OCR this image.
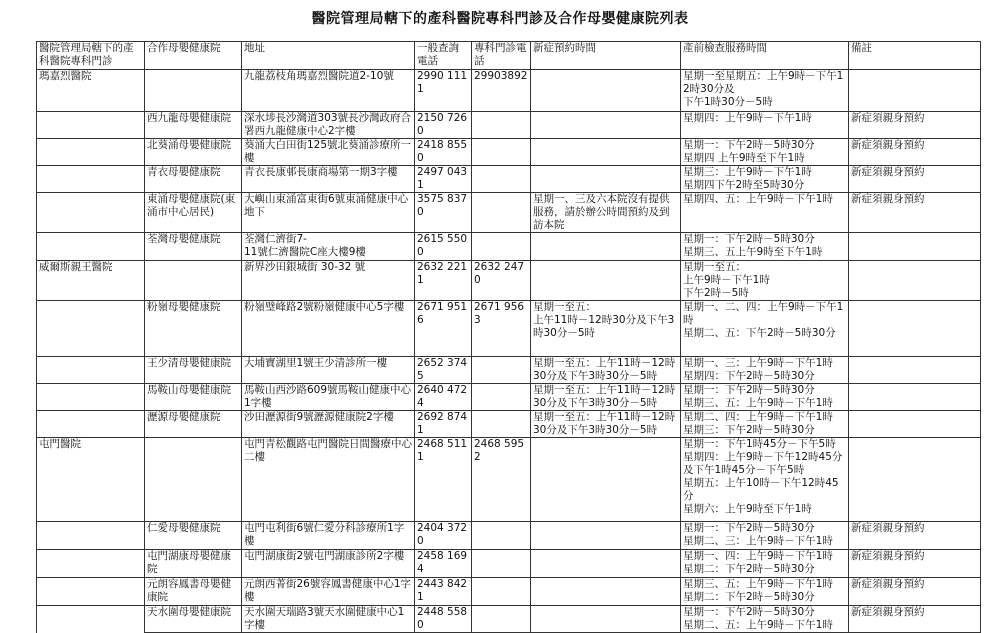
醫院管理局轄下的產科醫院專科門診及合作母嬰健康院列表
醫院管理局轄下的產科醫院專科門診	合作母嬰健康院	地址	一般查詢電話	專科門診電話	新症預約時間	產前檢查服務時間	備註
瑪嘉烈醫院		九龍荔枝角瑪嘉烈醫院道2-10號	2990 1111	29903892		星期一至星期五：上午9時－下午12時30分及
下午1時30分－5時	
	西九龍母嬰健康院	深水埗長沙灣道303號長沙灣政府合署西九龍健康中心2字樓	2150 7260			星期四：上午9時－下午1時	新症須親身預約
	北葵涌母嬰健康院	葵涌大白田街125號北葵涌診療所一樓	2418 8550			星期一：下午2時－5時30分
星期四 上午9時至下午1時	新症須親身預約
	青衣母嬰健康院	青衣長康邨長康商場第一期3字樓	2497 0431			星期三：上午9時－下午1時
星期四下午2時至5時30分	新症須親身預約
	東涌母嬰健康院(東涌市中心居民)	大嶼山東涌富東街6號東涌健康中心地下	3575 8370		星期一、三及六本院沒有提供服務，請於辦公時間預約及到訪本院	星期四、五：上午9時－下午1時	新症須親身預約
	荃灣母嬰健康院	荃灣仁濟街7-
11號仁濟醫院C座大樓9樓	2615 5500			星期一：下午2時－5時30分
星期三、五上午9時至下午1時	
威爾斯親王醫院		新界沙田銀城街 30-32 號	2632 2211	2632 2470		星期一至五：
上午9時－下午1時
下午2時－5時	
	粉嶺母嬰健康院	粉嶺璧峰路2號粉嶺健康中心5字樓	2671 9516	2671 9563	星期一至五：
上午11時－12時30分及下午3時30分－5時	星期一、二、四：上午9時－下午1時
星期二、五：下午2時－5時30分	
	王少清母嬰健康院	大埔寶湖里1號王少清診所一樓	2652 3745		星期一至五：上午11時－12時30分及下午3時30分－5時	星期一、三：上午9時－下午1時
星期四：下午2時－5時30分	
	馬鞍山母嬰健康院	馬鞍山西沙路609號馬鞍山健康中心1字樓	2640 4724		星期一至五：上午11時－12時30分及下午3時30分－5時	星期一：下午2時－5時30分
星期三、五：上午9時－下午1時	
	瀝源母嬰健康院	沙田瀝源街9號瀝源健康院2字樓	2692 8741		星期一至五：上午11時－12時30分及下午3時30分－5時	星期二、四：上午9時－下午1時
星期三：下午2時－5時30分	
屯門醫院		屯門青松觀路屯門醫院日間醫療中心二樓	2468 5111	2468 5952		星期一：下午1時45分－下午5時
星期四：上午9時－下午12時45分及下午1時45分－下午5時
星期五：上午10時－下午12時45分
星期六：上午9時至下午1時	
	仁愛母嬰健康院	屯門屯利街6號仁愛分科診療所1字樓	2404 3720			星期一：下午2時－5時30分
星期二、三：上午9時－下午1時	新症須親身預約
	屯門湖康母嬰健康院	屯門湖康街2號屯門湖康診所2字樓	2458 1694			星期一、四：上午9時－下午1時
星期二：下午2時－5時30分	新症須親身預約
	元朗容鳳書母嬰健康院	元朗西菁街26號容鳳書健康中心1字樓	2443 8421			星期三、五：上午9時－下午1時
星期二：下午2時－5時30分	新症須親身預約
	天水圍母嬰健康院	天水圍天瑞路3號天水圍健康中心1字樓	2448 5580			星期一：下午2時－5時30分
星期二、五：上午9時－下午1時	新症須親身預約
